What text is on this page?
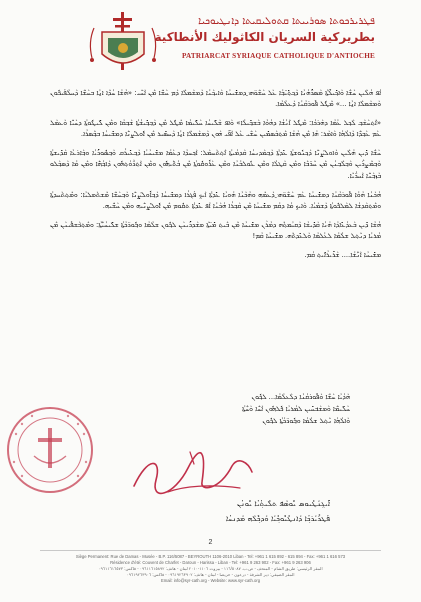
ܦܛܪܝܪܟܘܬܐ ܣܘܪܝܝܬܐ ܩܬܘܠܝܩܝܬܐ ܕܐܢܛܝܘܟܝܐ
بطريركية السريان الكاثوليك الأنطاكية
PATRIARCAT SYRIAQUE CATHOLIQUE D'ANTIOCHE

ܐܳܦ ܗܳܠܶܝܢ ܚܰܫ̈ܳܐ ܘܰܐܟ݂ܺܝܠ̈ܳܬ݂ܳܐ ܡܰܣܪ̈ܺܗܳܢܳܐ ܕܰܟ݂ܬ݂ܺܝ̈ܒ݂ܳܐ ܥܰܠ ܚܰܫ̈ܰܘ̈ܗ̱ܝ ܕܡܫܺܝܚܳܐ ܘܰܐܝܟ݂ܰܢܳܐ ܕܰܡܫܰܡܠܶܐ ܕܰܡ ܚܰܫ̈ܶܐ ܡܶܢ ܐܰܚ̈ܰܝ: «ܗܳܫܳܐ ܚܳܕܶܐ ܐ̱ܢܳܐ ܒܚܰܫ̈ܶܐ ܕܰܚܠܳܦܰܝܟ݁ܽܘܢ ܘܰܡܫܰܡܠܶܐ ܐ̱ܢܳܐ ...» ܡܶܛܽܠ ܦܽܘܪܩܳܢܳܐ ܕܰܥܠܳܡܳܐ.

«ܐܶܬ݂ܚܰܫܰܒ݂ ܠܰܟ݂ܠ ܥܳܡܳܐ ܕܗܰܪܟܳܐ: ܡܶܛܽܠ ܐܶܢܳܫܳܐ ܕܗܳܘܳܐ ܒܰܫܒ݂ܺܝܠܳܐ» ܘܰܐܦ ܫܰܠܺܝܚܳܐ ܚܰܠܺܝܡܳܐ ܡܶܛܽܠ ܡܶܢ ܕܰܒ݂ܒ݂ܺܝܫܳܬ݂ܳܐ ܫܰܒ݂ܩܳܐ ܘܡܶܢ ܠܺܝܛܽܘܬ݂ܳܐ ܕܚܰܝ̈ܶܐ ܘܰܥܡܰܠ ܥܰܡ ܥܰܒ݂ܕ̈ܶܐ ܕܰܐܠܳܗܳܐ ܘܰܐܡܰܪ: ܗܳܐ ܡܶܢ ܗܳܫܳܐ ܡܶܬ݂ܒܰܣܡܺܝܢ ܚܰܫ̈ܰܝ ܥܰܠ ܐܰܦ̈ܰܝ ܗܰܘܢ ܕܰܡܫܰܡܠܶܐ ܐ̱ܢܳܐ ܕܰܚܣܺܝܪ ܡܶܢ ܐܽܘܠܨܳܢ̈ܶܐ ܕܡܫܺܝܚܳܐ ܒܒ݂ܶܣܪܳܐ.

ܚܰܫ̈ܳܐ ܕܺܝܢ ܗܳܠܶܝܢ ܘܰܐܘܠܨܳܢ̈ܶܐ ܕܰܟ݂ܢܽܘܫܬ݂ܳܐ ܥܺܕܬ݁ܳܐ ܕܰܒ݂ܡܰܕܢܚܳܐ ܩܰܕܡܳܝܬ݂ܳܐ ܐܶܬ݂ܬ݁ܰܚܡܰܠ: ܐܰܟ݂ܚܕܳܐ ܕܥܰܡܳܐ ܡܫܺܝܚܳܝܳܐ ܕܰܒ݂ܥܺܝܪܳܩ ܘܰܒ݂ܣܽܘܪܺܝܳܐ ܘܒ݂ܰܐܪܥܳܐ ܩܰܕܺܝܫܬ݂ܳܐ ܘܰܒ݂ܡܶܨܪܶܝܢ ܘܰܒ݂ܠܶܒ݂ܢܳܢ ܡܶܢ ܚܶܪ̈ܒܶܐ ܘܡܶܢ ܩܰܛܠܳܐ ܘܡܶܢ ܥܽܘܠܒܳܢܳܐ ܘܡܶܢ ܥܰܪܽܘܩܽܘܬ݂ܳܐ ܡܶܢ ܒܳܬ݁̈ܰܝܗܽܘܢ ܘܡܶܢ ܐܰܬ݂ܪ̈ܰܘܳܬ݂ܗܽܘܢ ܕܰܐܒ݂ܳܗ̈ܶܐ ܘܡܶܢ ܡܳܐ ܕܰܣܒ݂ܰܠܘ ܒܰܙܒ݂ܰܢ̈ܶܐ ܐܰܚܪ̈ܳܝܶܐ.

ܗܳܟܰܢܳܐ ܗܳܘܳܐ ܦܽܘܪܩܳܢܳܐ ܕܡܫܺܝܚܳܐ ܥܰܡ ܚܰܫ̈ܰܘ̈ܗ̱ܝ ܕܰܥܡܶܗ ܘܗܳܟܰܢܳܐ ܗܳܘܝܳܐ ܥܺܕܬ݁ܳܐ ܐܰܝܟ݂ ܦܰܓ݂ܪܳܐ ܕܡܫܺܝܚܳܐ ܕܰܒ݂ܐܽܘܠܨܳܢ̈ܶܐ ܘܰܒ݂ܚܰܫ̈ܶܐ ܡܶܫܬ݁ܰܡܠܝܳܐ: ܘܡܶܬ݂ܬ݁ܰܚܕܬ݂ܳܐ ܘܡܶܬ݂ܩܰܕܫܳܐ ܠܡܰܠܟ݁ܽܘܬ݂ܳܐ ܕܰܫܡܰܝܳܐ. ܘܰܐܝܟ݂ ܡܳܐ ܕܩܳܡ ܡܫܺܝܚܳܐ ܡܶܢ ܩܰܒ݂ܪܳܐ ܗܳܟܰܢܳܐ ܐܳܦ ܥܺܕܬ݁ܳܐ ܬܩܽܘܡ ܡܶܢ ܐܽܘܠܨܳܢ̈ܶܝܗ ܘܡܶܢ ܚܰܫ̈ܶܝܗ.

ܗܳܫܳܐ ܕܺܝܢ ܒܰܥܕܳܥܺܐܕܳܐ ܗܳܢܳܐ ܩܰܕܺܝܫܳܐ ܕܰܩܝܳܡܬ݂ܶܗ ܕܡܳܪܰܢ ܡܫܺܝܚܳܐ ܡܶܢ ܒܶܝܬ݂ ܡܺܝ̈ܬ݂ܶܐ ܡܫܰܕܪܺܝܢܰܢ ܠܟ݂ܽܘܢ ܫܠܳܡܳܐ ܘܒ݂ܽܘܪ̈ܟܳܬ݂ܳܐ ܫܠܺܝܚܳܝ̈ܳܬ݂ܳܐ: ܘܡܶܬ݂ܟ݁ܰܫܦܺܝܢܰܢ ܡܶܢ ܡܳܪܝܳܐ ܕܢܶܬ݂ܠ ܫܠܳܡܳܐ ܠܥܳܠܡܳܐ ܘܰܠܥܺܕܬ݁ܶܗ. ܡܫܺܝܚܳܐ ܩܳܡ!

ܡܫܺܝܚܳܐ ܐܰܢ̈ܳܫܳܐ.... ܫܰܪܺܝܪܳܐܺܝܬ݂ ܩܳܡ.

ܗܰܕܳܝܳܐ ܚܰܫ̈ܳܐ ܘܰܦܽܘܪܩܳܢܳܐ ܕܠܰܥܠܳܡܳܐ... ܠܟ݂ܽܘܢ
ܚܰܠܺܝܡ̈ܶܐ ܘܰܡܫܰܒ݁ܚܺܝܢ ܠܡܳܪܝܳܐ ܟ݁ܽܠܗܽܘܢ ܐܰܚ̈ܶܐ ܘܰܚ̈ܳܬ݂ܳܐ
ܘܰܐܠܳܗܳܐ ܢܶܬ݂ܠ ܫܠܳܡܳܐ ܘܒ݂ܽܘܪ̈ܟܳܬ݂ܳܐ ܠܟ݂ܽܘܢ
ܐܺܝܓ݂ܢܰܛܺܝܘܣ ܝܽܘܣܶܦ ܬܠܺܝܬ݂ܳܝܳܐ ܝܽܘܢܳܢ
ܦܰܛܪܺܝܰܪܟ݂ܳܐ ܕܰܐܢܛܺܝܽܘܟ݂ܺܝܰܐ ܘܰܕܟ݂ܽܠܶܗ ܡܰܕܢܚܳܐ
2
Siège Permanent: Rue de Damas - Musée - B.P. 116/5087 - BEYROUTH 1106-2010 Liban - Tel: +961 1 615 892 - 615 894 - Fax: +961 1 616 573
Résidence d'été: Couvent de Charfet - Daroun - Harissa - Liban - Tel: +961 9 263 902 - Fax: +961 9 263 906
المقر الرئيسي: طريق الشام - المتحف - ص.ب. ١١٦/٥٠٨٧ - بيروت ١١٠٦-٢٠١٠ لبنان - هاتف: ٠٩٦١١٦١٥٨٩٢ - فاكس: ٠٩٦١١٦١٦٥٧٣
المقر الصيفي: دير الشرفة - درعون - حريصا - لبنان - هاتف: ٠٩٦١٩٢٦٣٩٠٢ - فاكس: ٠٩٦١٩٢٦٣٩٠٦
Email: info@syr-cath.org - Website: www.syr-cath.org
